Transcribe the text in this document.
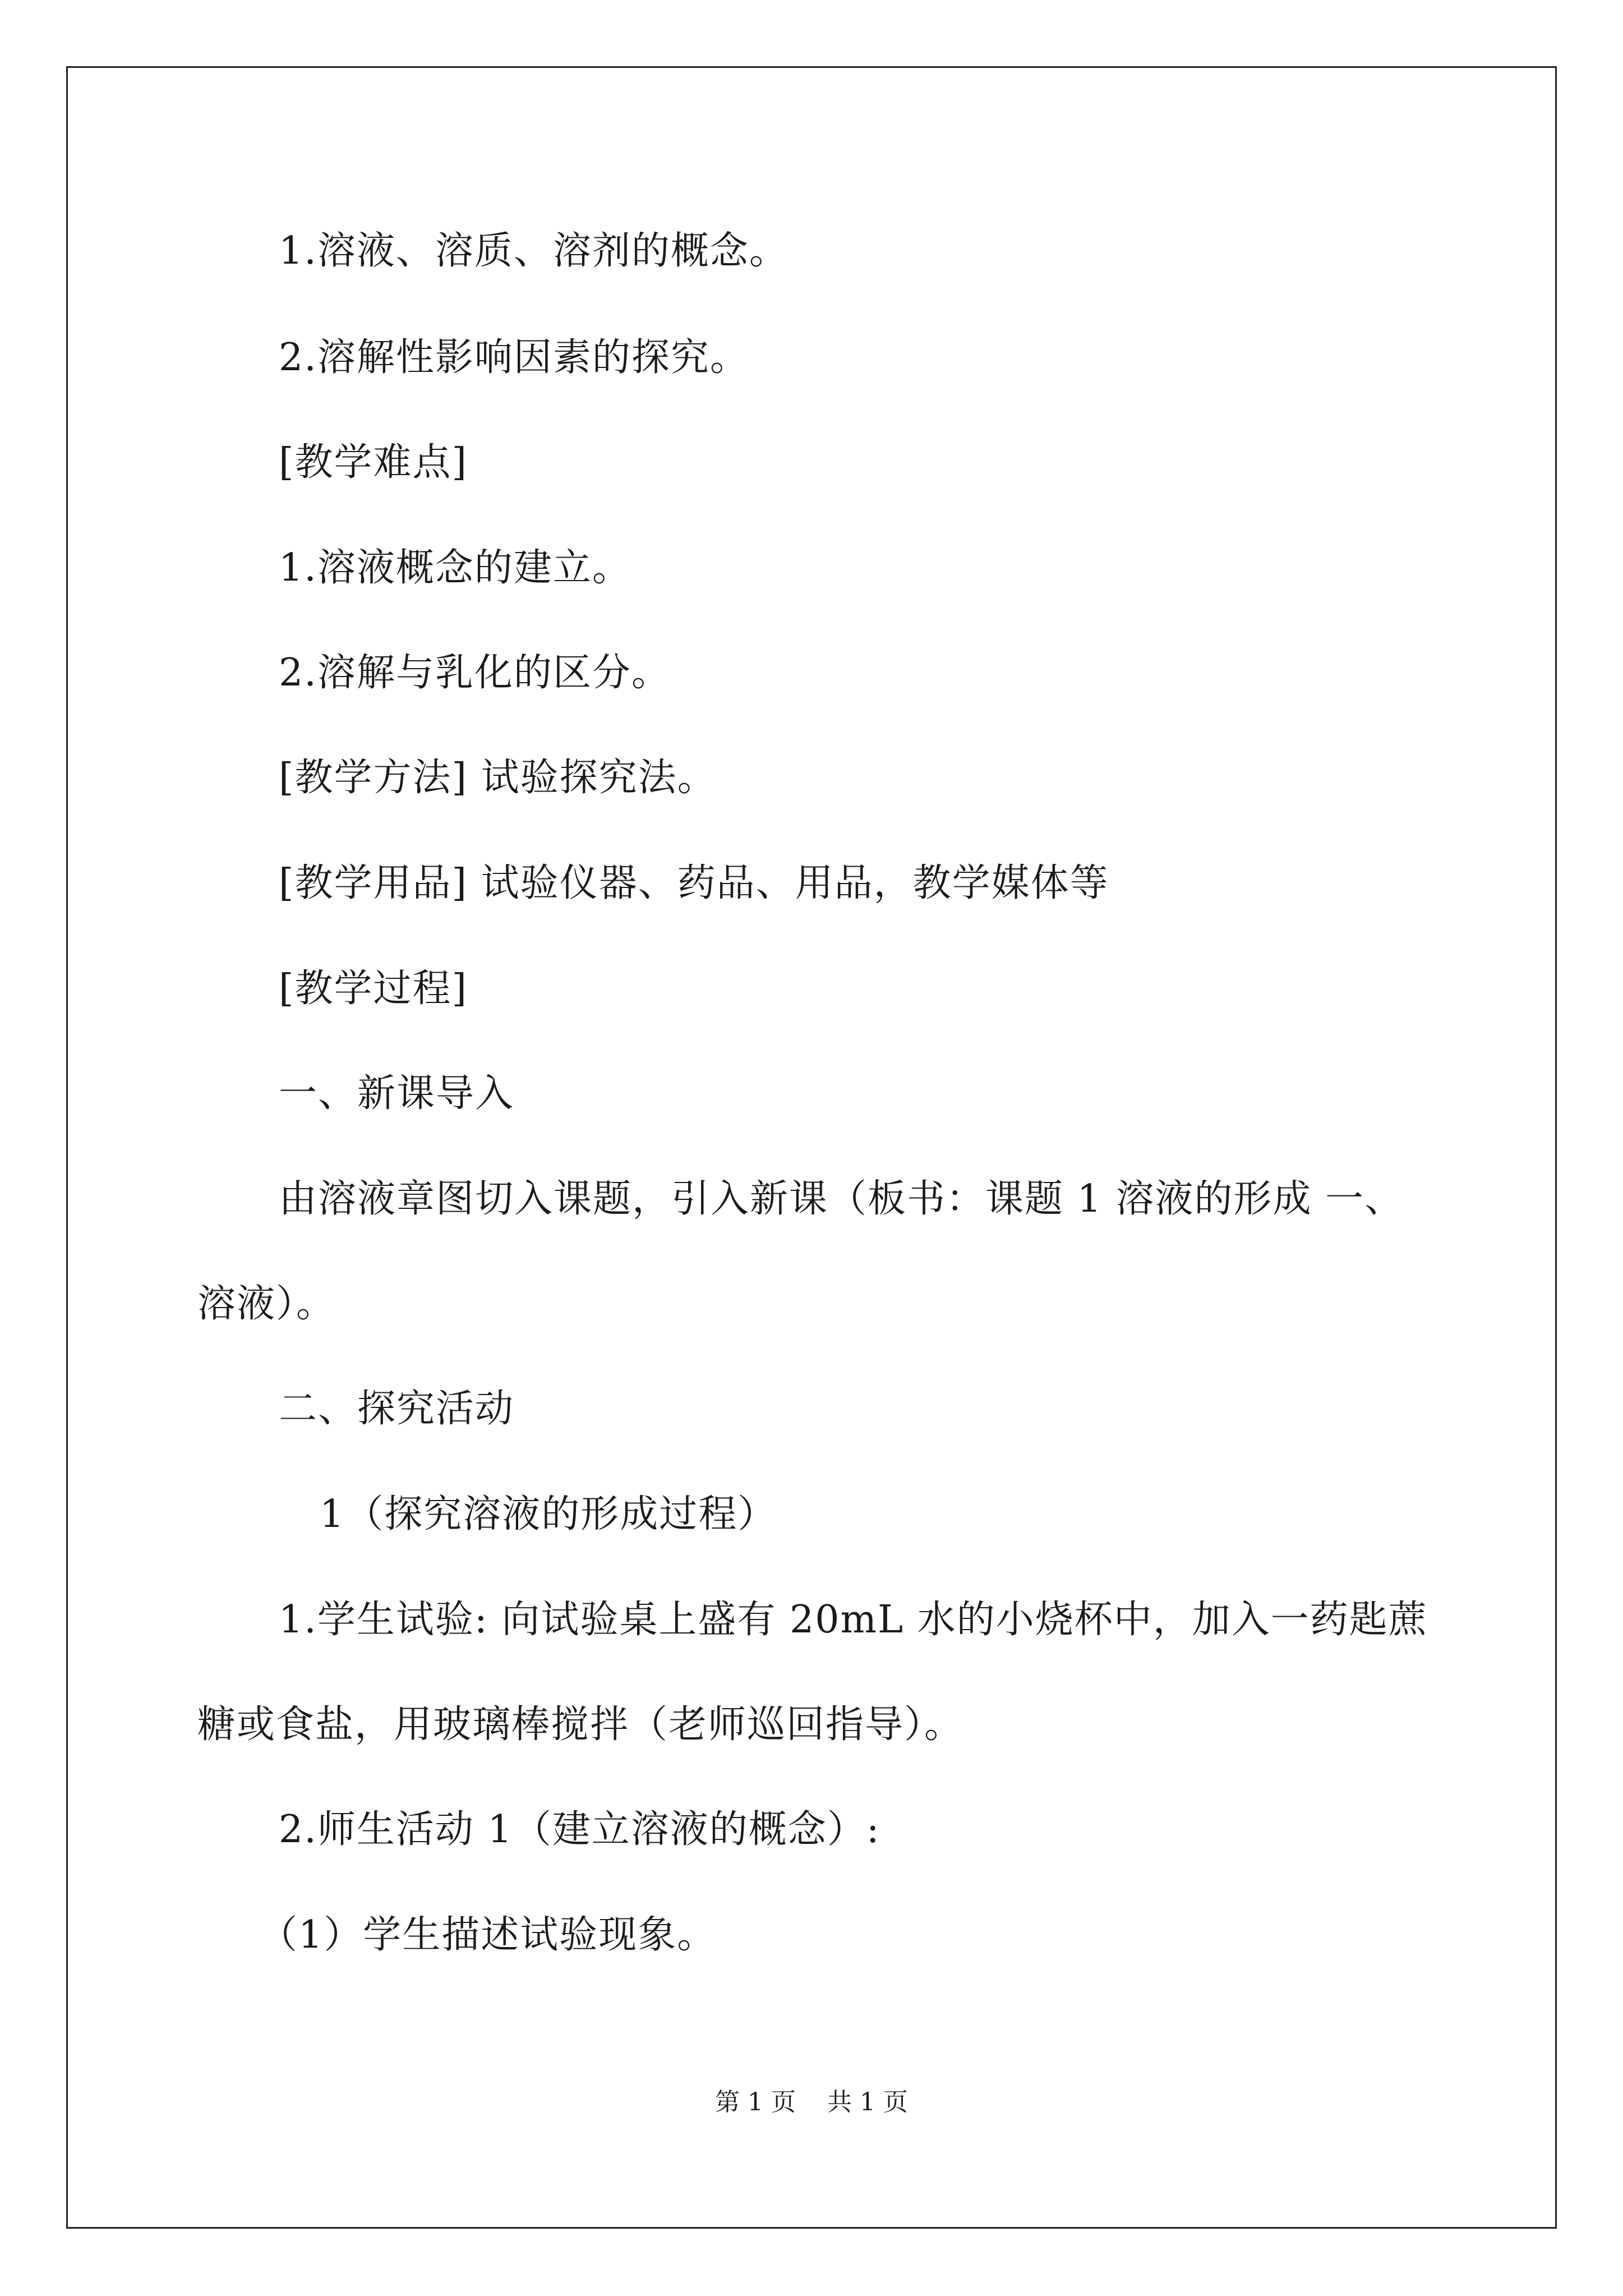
1.溶液、溶质、溶剂的概念。

2.溶解性影响因素的探究。

[教学难点]

1.溶液概念的建立。

2.溶解与乳化的区分。

[教学方法] 试验探究法。

[教学用品] 试验仪器、药品、用品，教学媒体等

[教学过程]

一、新课导入

由溶液章图切入课题，引入新课（板书：课题 1 溶液的形成 一、

溶液）。

二、探究活动

1（探究溶液的形成过程）

1.学生试验: 向试验桌上盛有 20mL 水的小烧杯中，加入一药匙蔗

糖或食盐，用玻璃棒搅拌（老师巡回指导）。

2.师生活动 1（建立溶液的概念）:

（1）学生描述试验现象。

第 1 页    共 1 页
